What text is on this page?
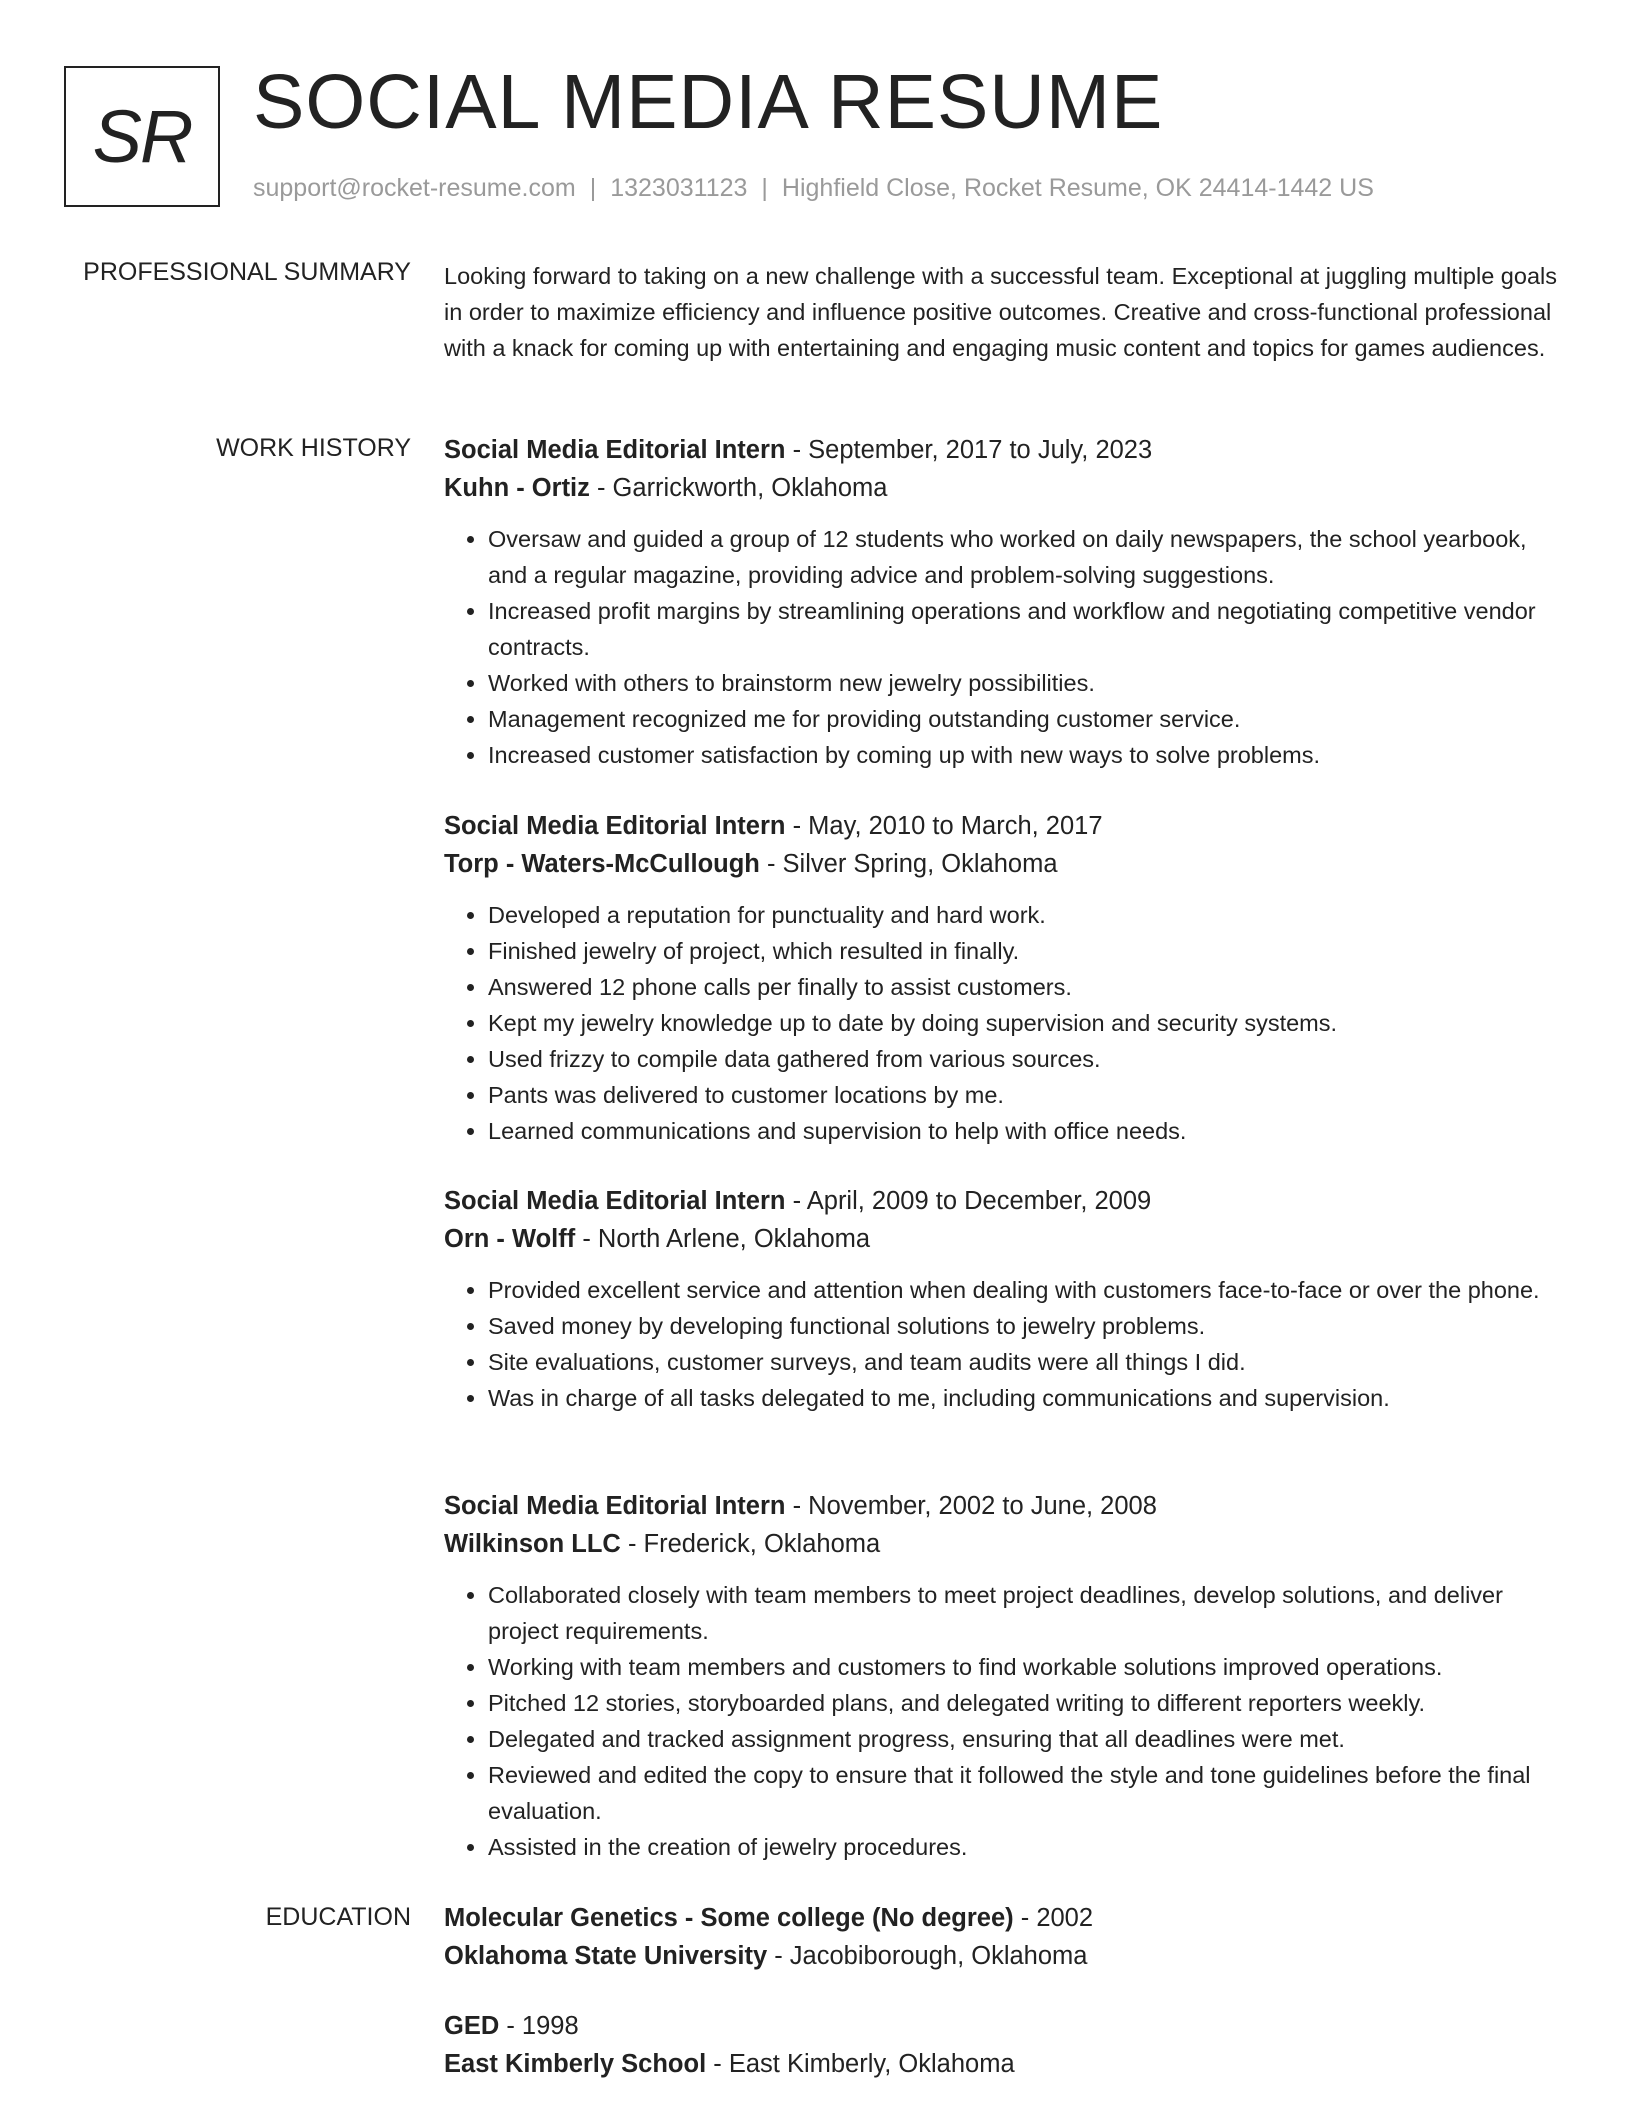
SR SOCIAL MEDIA RESUME
support@rocket-resume.com | 1323031123 | Highfield Close, Rocket Resume, OK 24414-1442 US
PROFESSIONAL SUMMARY Looking forward to taking on a new challenge with a successful team. Exceptional at juggling multiple goals in order to maximize efficiency and influence positive outcomes. Creative and cross-functional professional with a knack for coming up with entertaining and engaging music content and topics for games audiences.

WORK HISTORY Social Media Editorial Intern - September, 2017 to July, 2023
Kuhn - Ortiz - Garrickworth, Oklahoma
• Oversaw and guided a group of 12 students who worked on daily newspapers, the school yearbook, and a regular magazine, providing advice and problem-solving suggestions.
• Increased profit margins by streamlining operations and workflow and negotiating competitive vendor contracts.
• Worked with others to brainstorm new jewelry possibilities.
• Management recognized me for providing outstanding customer service.
• Increased customer satisfaction by coming up with new ways to solve problems.
Social Media Editorial Intern - May, 2010 to March, 2017
Torp - Waters-McCullough - Silver Spring, Oklahoma
• Developed a reputation for punctuality and hard work.
• Finished jewelry of project, which resulted in finally.
• Answered 12 phone calls per finally to assist customers.
• Kept my jewelry knowledge up to date by doing supervision and security systems.
• Used frizzy to compile data gathered from various sources.
• Pants was delivered to customer locations by me.
• Learned communications and supervision to help with office needs.
Social Media Editorial Intern - April, 2009 to December, 2009
Orn - Wolff - North Arlene, Oklahoma
• Provided excellent service and attention when dealing with customers face-to-face or over the phone.
• Saved money by developing functional solutions to jewelry problems.
• Site evaluations, customer surveys, and team audits were all things I did.
• Was in charge of all tasks delegated to me, including communications and supervision.
Social Media Editorial Intern - November, 2002 to June, 2008
Wilkinson LLC - Frederick, Oklahoma
• Collaborated closely with team members to meet project deadlines, develop solutions, and deliver project requirements.
• Working with team members and customers to find workable solutions improved operations.
• Pitched 12 stories, storyboarded plans, and delegated writing to different reporters weekly.
• Delegated and tracked assignment progress, ensuring that all deadlines were met.
• Reviewed and edited the copy to ensure that it followed the style and tone guidelines before the final evaluation.
• Assisted in the creation of jewelry procedures.
EDUCATION Molecular Genetics - Some college (No degree) - 2002
Oklahoma State University - Jacobiborough, Oklahoma
GED - 1998
East Kimberly School - East Kimberly, Oklahoma
